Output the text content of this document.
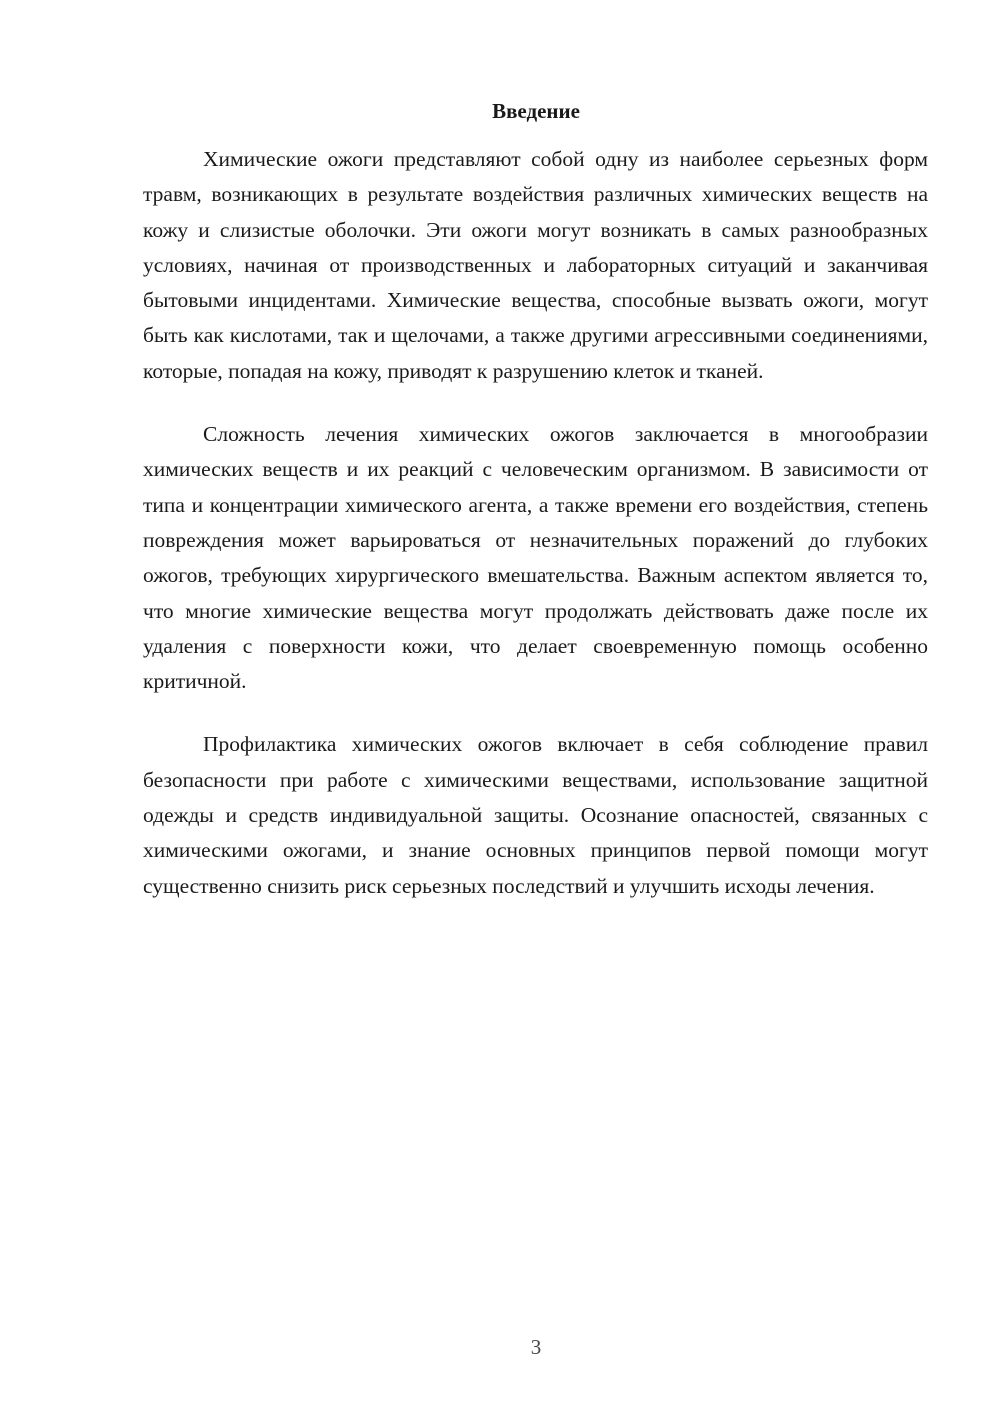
Введение

Химические ожоги представляют собой одну из наиболее серьезных форм травм, возникающих в результате воздействия различных химических веществ на кожу и слизистые оболочки. Эти ожоги могут возникать в самых разнообразных условиях, начиная от производственных и лабораторных ситуаций и заканчивая бытовыми инцидентами. Химические вещества, способные вызвать ожоги, могут быть как кислотами, так и щелочами, а также другими агрессивными соединениями, которые, попадая на кожу, приводят к разрушению клеток и тканей.

Сложность лечения химических ожогов заключается в многообразии химических веществ и их реакций с человеческим организмом. В зависимости от типа и концентрации химического агента, а также времени его воздействия, степень повреждения может варьироваться от незначительных поражений до глубоких ожогов, требующих хирургического вмешательства. Важным аспектом является то, что многие химические вещества могут продолжать действовать даже после их удаления с поверхности кожи, что делает своевременную помощь особенно критичной.

Профилактика химических ожогов включает в себя соблюдение правил безопасности при работе с химическими веществами, использование защитной одежды и средств индивидуальной защиты. Осознание опасностей, связанных с химическими ожогами, и знание основных принципов первой помощи могут существенно снизить риск серьезных последствий и улучшить исходы лечения.

3
